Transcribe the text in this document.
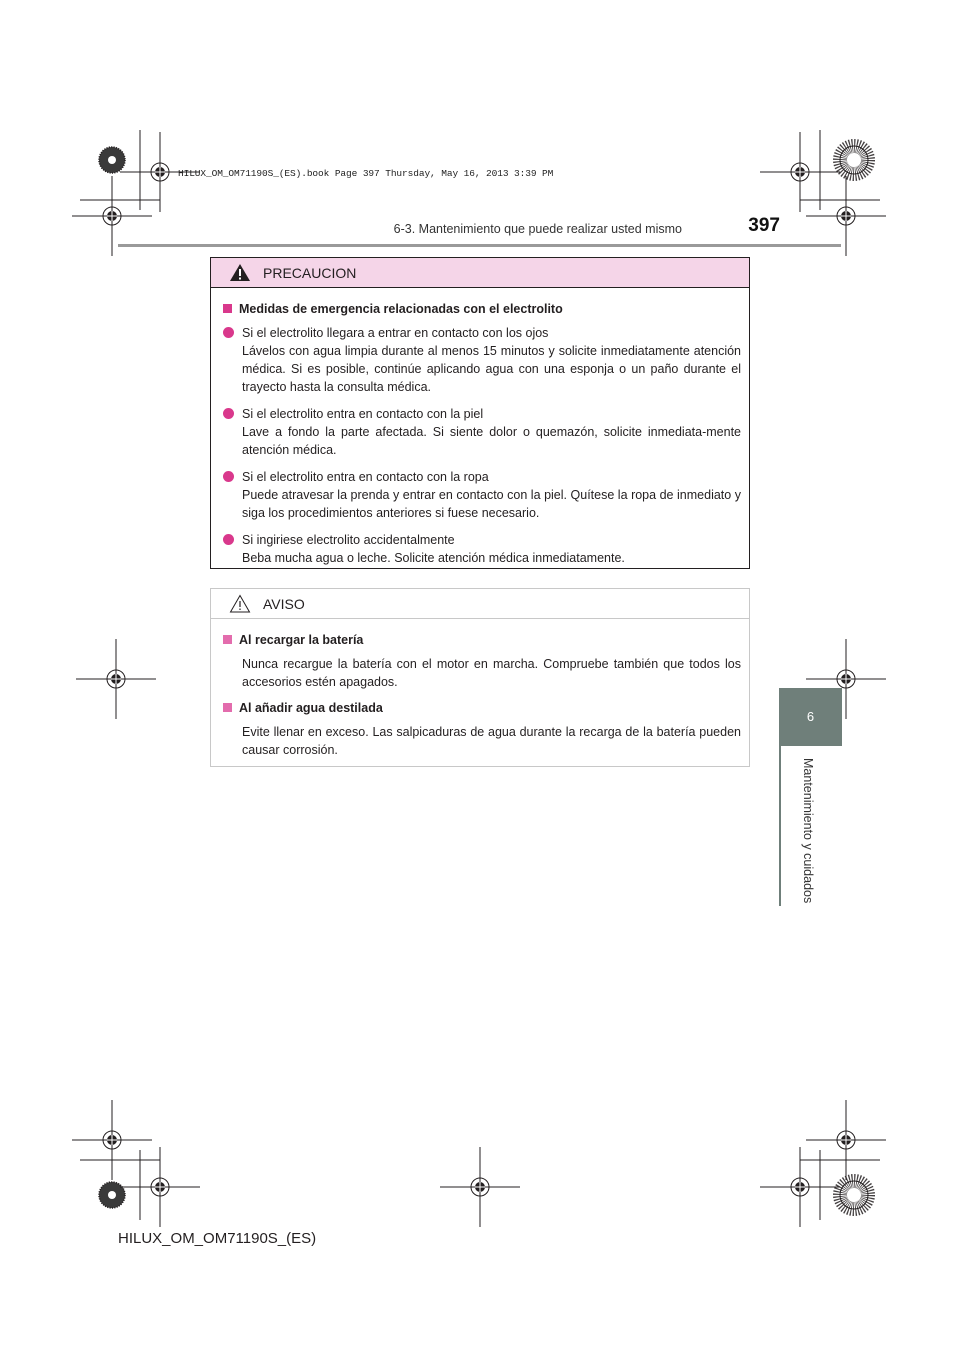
HILUX_OM_OM71190S_(ES).book Page 397 Thursday, May 16, 2013 3:39 PM
6-3. Mantenimiento que puede realizar usted mismo	397
6
Mantenimiento y cuidados
PRECAUCION
Medidas de emergencia relacionadas con el electrolito
Si el electrolito llegara a entrar en contacto con los ojos
Lávelos con agua limpia durante al menos 15 minutos y solicite inmediatamente atención médica. Si es posible, continúe aplicando agua con una esponja o un paño durante el trayecto hasta la consulta médica.
Si el electrolito entra en contacto con la piel
Lave a fondo la parte afectada. Si siente dolor o quemazón, solicite inmediata-mente atención médica.
Si el electrolito entra en contacto con la ropa
Puede atravesar la prenda y entrar en contacto con la piel. Quítese la ropa de inmediato y siga los procedimientos anteriores si fuese necesario.
Si ingiriese electrolito accidentalmente
Beba mucha agua o leche. Solicite atención médica inmediatamente.
AVISO
Al recargar la batería
Nunca recargue la batería con el motor en marcha. Compruebe también que todos los accesorios estén apagados.
Al añadir agua destilada
Evite llenar en exceso. Las salpicaduras de agua durante la recarga de la batería pueden causar corrosión.
HILUX_OM_OM71190S_(ES)
